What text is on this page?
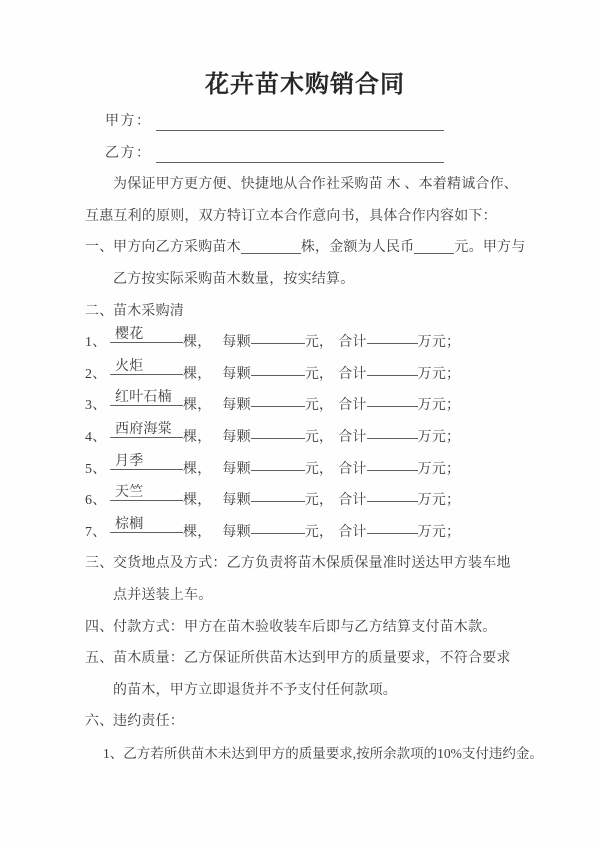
花卉苗木购销合同
甲方：
乙方：
为保证甲方更方便、快捷地从合作社采购苗 木 、本着精诚合作、
互惠互利的原则，双方特订立本合作意向书，具体合作内容如下：
一、 甲方向乙方采购苗木	株，金额为人民币	元。甲方与
乙方按实际采购苗木数量，按实结算。
二、 苗木采购清
1、
樱花
棵， 每颗	元， 合计	万元；
2、
火炬
棵， 每颗	元， 合计	万元；
3、
红叶石楠
棵， 每颗	元， 合计	万元；
4、
西府海棠
棵， 每颗	元， 合计	万元；
5、
月季
棵， 每颗	元， 合计	万元；
6、
天竺
棵， 每颗	元， 合计	万元；
7、
棕榈
棵， 每颗	元， 合计	万元；
三、 交货地点及方式：乙方负责将苗木保质保量准时送达甲方装车地
点并送装上车。
四、 付款方式：甲方在苗木验收装车后即与乙方结算支付苗木款。
五、 苗木质量：乙方保证所供苗木达到甲方的质量要求，不符合要求
的苗木，甲方立即退货并不予支付任何款项。
六、 违约责任：
1、乙方若所供苗木未达到甲方的质量要求,按所余款项的10%支付违约金。
